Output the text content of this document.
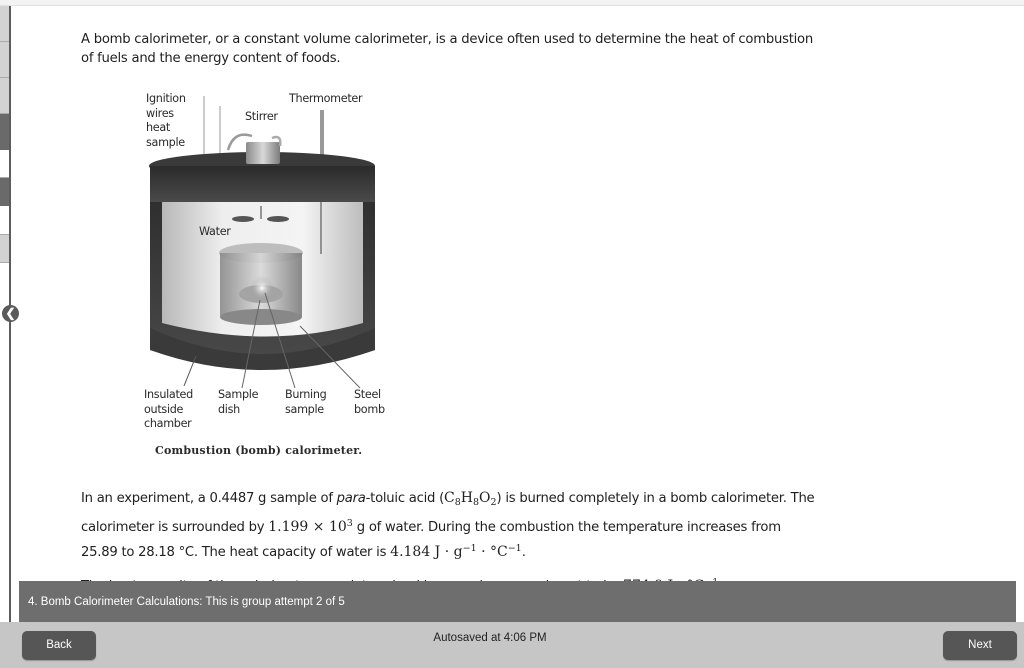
❮
A bomb calorimeter, or a constant volume calorimeter, is a device often used to determine the heat of combustion
of fuels and the energy content of foods.
Ignition
wires
heat
sample
Stirrer
Thermometer
Water
Insulated
outside
chamber
Sample
dish
Burning
sample
Steel
bomb
Combustion (bomb) calorimeter.

In an experiment, a 0.4487 g sample of para-toluic acid $(C_8H_8O_2)$ is burned completely in a bomb calorimeter. The

calorimeter is surrounded by $1.199 \times 10^3$ g of water. During the combustion the temperature increases from

25.89 to 28.18 °C. The heat capacity of water is 4.184 $J \cdot g^{-1} \cdot ^\circ C^{-1}$.

4. Bomb Calorimeter Calculations: This is group attempt 2 of 5
Back
Autosaved at 4:06 PM
Next
